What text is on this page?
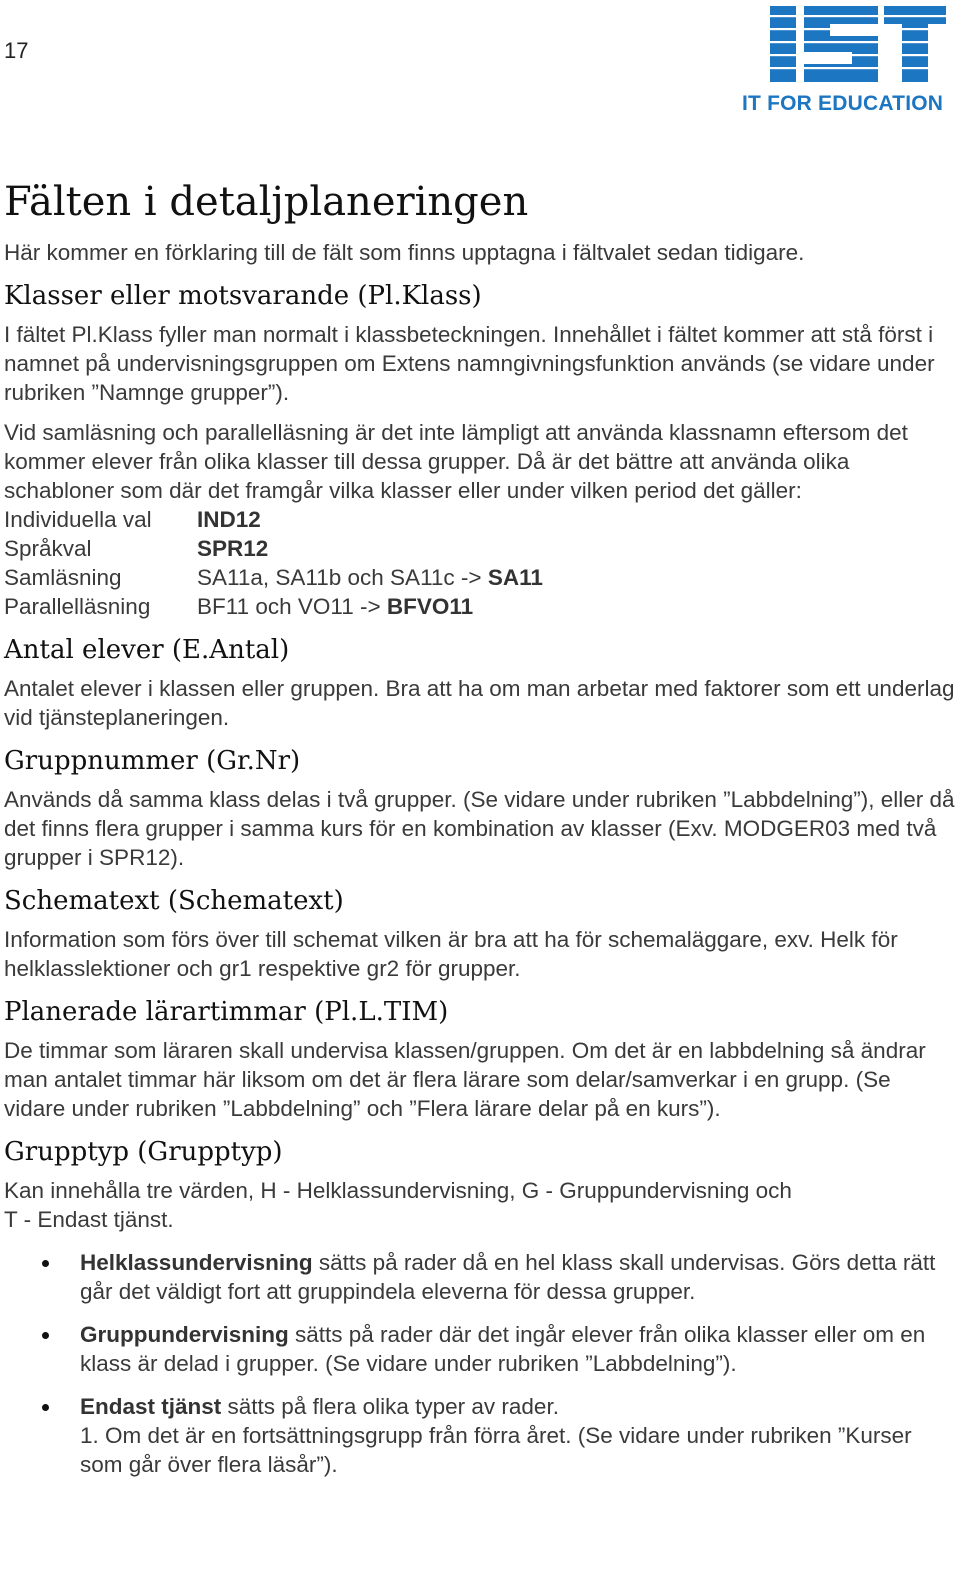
17
IT FOR EDUCATION
Fälten i detaljplaneringen

Här kommer en förklaring till de fält som finns upptagna i fältvalet sedan tidigare.

Klasser eller motsvarande (Pl.Klass)

I fältet Pl.Klass fyller man normalt i klassbeteckningen. Innehållet i fältet kommer att stå först i namnet på undervisningsgruppen om Extens namngivningsfunktion används (se vidare under rubriken ”Namnge grupper”).

Vid samläsning och parallelläsning är det inte lämpligt att använda klassnamn eftersom det kommer elever från olika klasser till dessa grupper. Då är det bättre att använda olika schabloner som där det framgår vilka klasser eller under vilken period det gäller:

Individuella val	IND12
Språkval	SPR12
Samläsning	SA11a, SA11b och SA11c -> SA11
Parallelläsning	BF11 och VO11 -> BFVO11
Antal elever (E.Antal)

Antalet elever i klassen eller gruppen. Bra att ha om man arbetar med faktorer som ett underlag vid tjänsteplaneringen.

Gruppnummer (Gr.Nr)

Används då samma klass delas i två grupper. (Se vidare under rubriken ”Labbdelning”), eller då det finns flera grupper i samma kurs för en kombination av klasser (Exv. MODGER03 med två grupper i SPR12).

Schematext (Schematext)

Information som förs över till schemat vilken är bra att ha för schemaläggare, exv. Helk för helklasslektioner och gr1 respektive gr2 för grupper.

Planerade lärartimmar (Pl.L.TIM)

De timmar som läraren skall undervisa klassen/gruppen. Om det är en labbdelning så ändrar man antalet timmar här liksom om det är flera lärare som delar/samverkar i en grupp. (Se vidare under rubriken ”Labbdelning” och ”Flera lärare delar på en kurs”).

Grupptyp (Grupptyp)

Kan innehålla tre värden, H - Helklassundervisning, G - Gruppundervisning och
T - Endast tjänst.

Helklassundervisning sätts på rader då en hel klass skall undervisas. Görs detta rätt går det väldigt fort att gruppindela eleverna för dessa grupper.
Gruppundervisning sätts på rader där det ingår elever från olika klasser eller om en klass är delad i grupper. (Se vidare under rubriken ”Labbdelning”).
Endast tjänst sätts på flera olika typer av rader.
1. Om det är en fortsättningsgrupp från förra året. (Se vidare under rubriken ”Kurser som går över flera läsår”).
